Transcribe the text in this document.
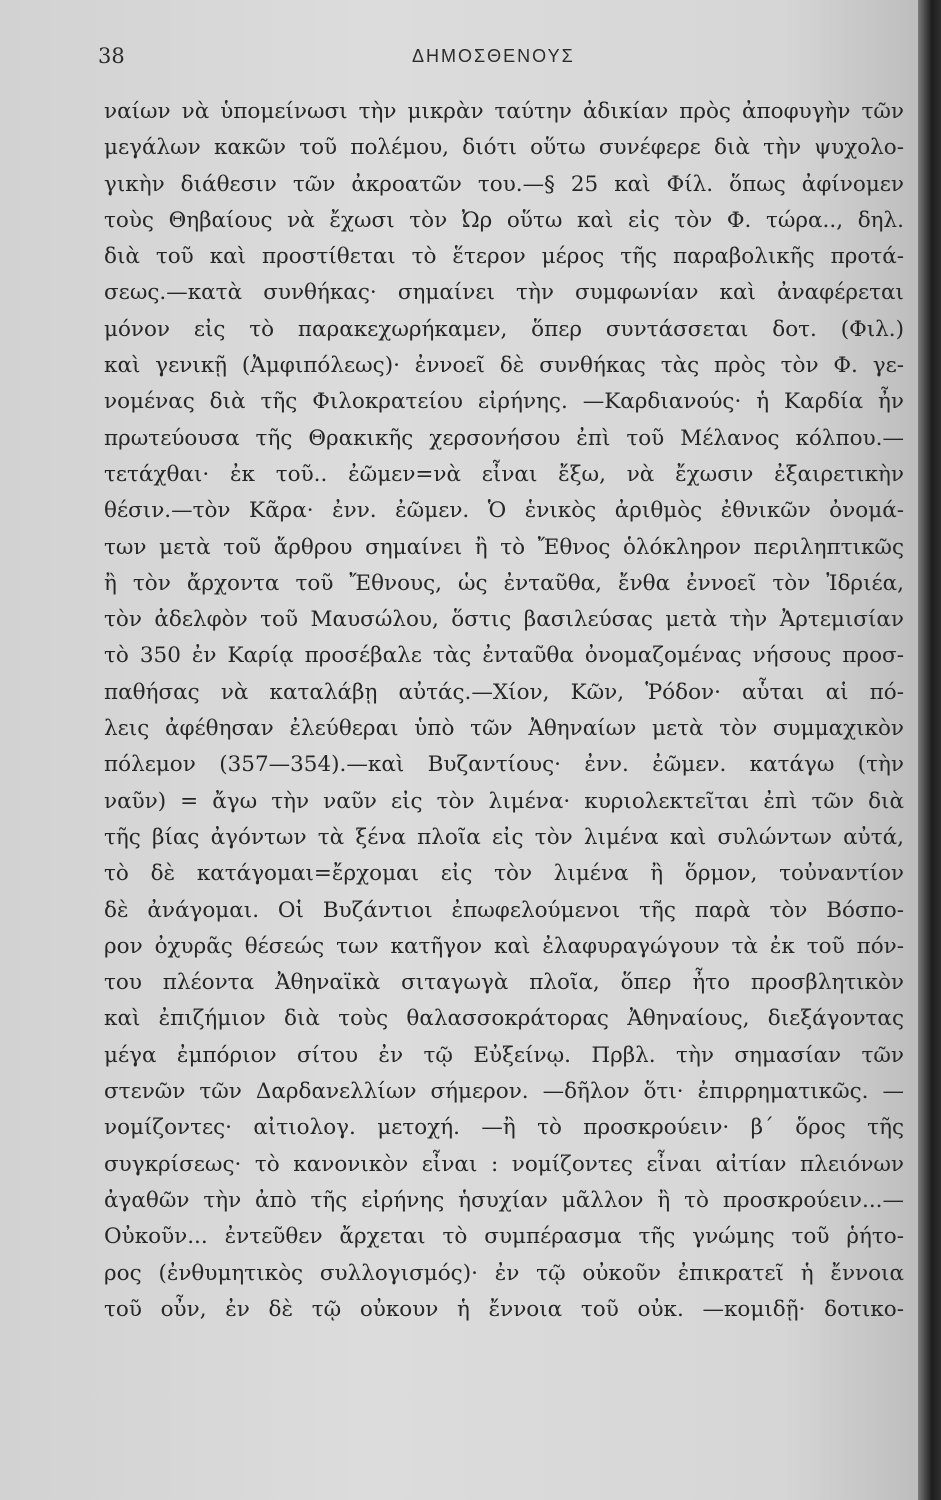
38	ΔΗΜΟΣΘΕΝΟΥΣ
ναίων νὰ ὑπομείνωσι τὴν μικρὰν ταύτην ἀδικίαν πρὸς ἀποφυγὴν τῶν
μεγάλων κακῶν τοῦ πολέμου, διότι οὕτω συνέφερε διὰ τὴν ψυχολο-
γικὴν διάθεσιν τῶν ἀκροατῶν του.—§ 25 καὶ Φίλ. ὅπως ἀφίνομεν
τοὺς Θηβαίους νὰ ἔχωσι τὸν Ὠρ οὕτω καὶ εἰς τὸν Φ. τώρα.., δηλ.
διὰ τοῦ καὶ προστίθεται τὸ ἕτερον μέρος τῆς παραβολικῆς προτά-
σεως.—κατὰ συνθήκας· σημαίνει τὴν συμφωνίαν καὶ ἀναφέρεται
μόνον εἰς τὸ παρακεχωρήκαμεν, ὅπερ συντάσσεται δοτ. (Φιλ.)
καὶ γενικῇ (Ἀμφιπόλεως)· ἐννοεῖ δὲ συνθήκας τὰς πρὸς τὸν Φ. γε-
νομένας διὰ τῆς Φιλοκρατείου εἰρήνης. —Καρδιανούς· ἡ Καρδία ἦν
πρωτεύουσα τῆς Θρακικῆς χερσονήσου ἐπὶ τοῦ Μέλανος κόλπου.—
τετάχθαι· ἐκ τοῦ.. ἐῶμεν=νὰ εἶναι ἔξω, νὰ ἔχωσιν ἐξαιρετικὴν
θέσιν.—τὸν Κᾶρα· ἐνν. ἐῶμεν. Ὁ ἑνικὸς ἀριθμὸς ἐθνικῶν ὀνομά-
των μετὰ τοῦ ἄρθρου σημαίνει ἢ τὸ Ἔθνος ὁλόκληρον περιληπτικῶς
ἢ τὸν ἄρχοντα τοῦ Ἔθνους, ὡς ἐνταῦθα, ἔνθα ἐννοεῖ τὸν Ἰδριέα,
τὸν ἀδελφὸν τοῦ Μαυσώλου, ὅστις βασιλεύσας μετὰ τὴν Ἀρτεμισίαν
τὸ 350 ἐν Καρίᾳ προσέβαλε τὰς ἐνταῦθα ὀνομαζομένας νήσους προσ-
παθήσας νὰ καταλάβῃ αὐτάς.—Χίον, Κῶν, Ῥόδον· αὗται αἱ πό-
λεις ἀφέθησαν ἐλεύθεραι ὑπὸ τῶν Ἀθηναίων μετὰ τὸν συμμαχικὸν
πόλεμον (357—354).—καὶ Βυζαντίους· ἐνν. ἐῶμεν. κατάγω (τὴν
ναῦν) = ἄγω τὴν ναῦν εἰς τὸν λιμένα· κυριολεκτεῖται ἐπὶ τῶν διὰ
τῆς βίας ἀγόντων τὰ ξένα πλοῖα εἰς τὸν λιμένα καὶ συλώντων αὐτά,
τὸ δὲ κατάγομαι=ἔρχομαι εἰς τὸν λιμένα ἢ ὅρμον, τοὐναντίον
δὲ ἀνάγομαι. Οἱ Βυζάντιοι ἐπωφελούμενοι τῆς παρὰ τὸν Βόσπο-
ρον ὀχυρᾶς θέσεώς των κατῆγον καὶ ἐλαφυραγώγουν τὰ ἐκ τοῦ πόν-
του πλέοντα Ἀθηναϊκὰ σιταγωγὰ πλοῖα, ὅπερ ἦτο προσβλητικὸν
καὶ ἐπιζήμιον διὰ τοὺς θαλασσοκράτορας Ἀθηναίους, διεξάγοντας
μέγα ἐμπόριον σίτου ἐν τῷ Εὐξείνῳ. Πρβλ. τὴν σημασίαν τῶν
στενῶν τῶν Δαρδανελλίων σήμερον. —δῆλον ὅτι· ἐπιρρηματικῶς. —
νομίζοντες· αἰτιολογ. μετοχή. —ἢ τὸ προσκρούειν· β΄ ὅρος τῆς
συγκρίσεως· τὸ κανονικὸν εἶναι : νομίζοντες εἶναι αἰτίαν πλειόνων
ἀγαθῶν τὴν ἀπὸ τῆς εἰρήνης ἡσυχίαν μᾶλλον ἢ τὸ προσκρούειν...—
Οὐκοῦν... ἐντεῦθεν ἄρχεται τὸ συμπέρασμα τῆς γνώμης τοῦ ῥήτο-
ρος (ἐνθυμητικὸς συλλογισμός)· ἐν τῷ οὐκοῦν ἐπικρατεῖ ἡ ἔννοια
τοῦ οὖν, ἐν δὲ τῷ οὐκουν ἡ ἔννοια τοῦ οὐκ. —κομιδῇ· δοτικο-
